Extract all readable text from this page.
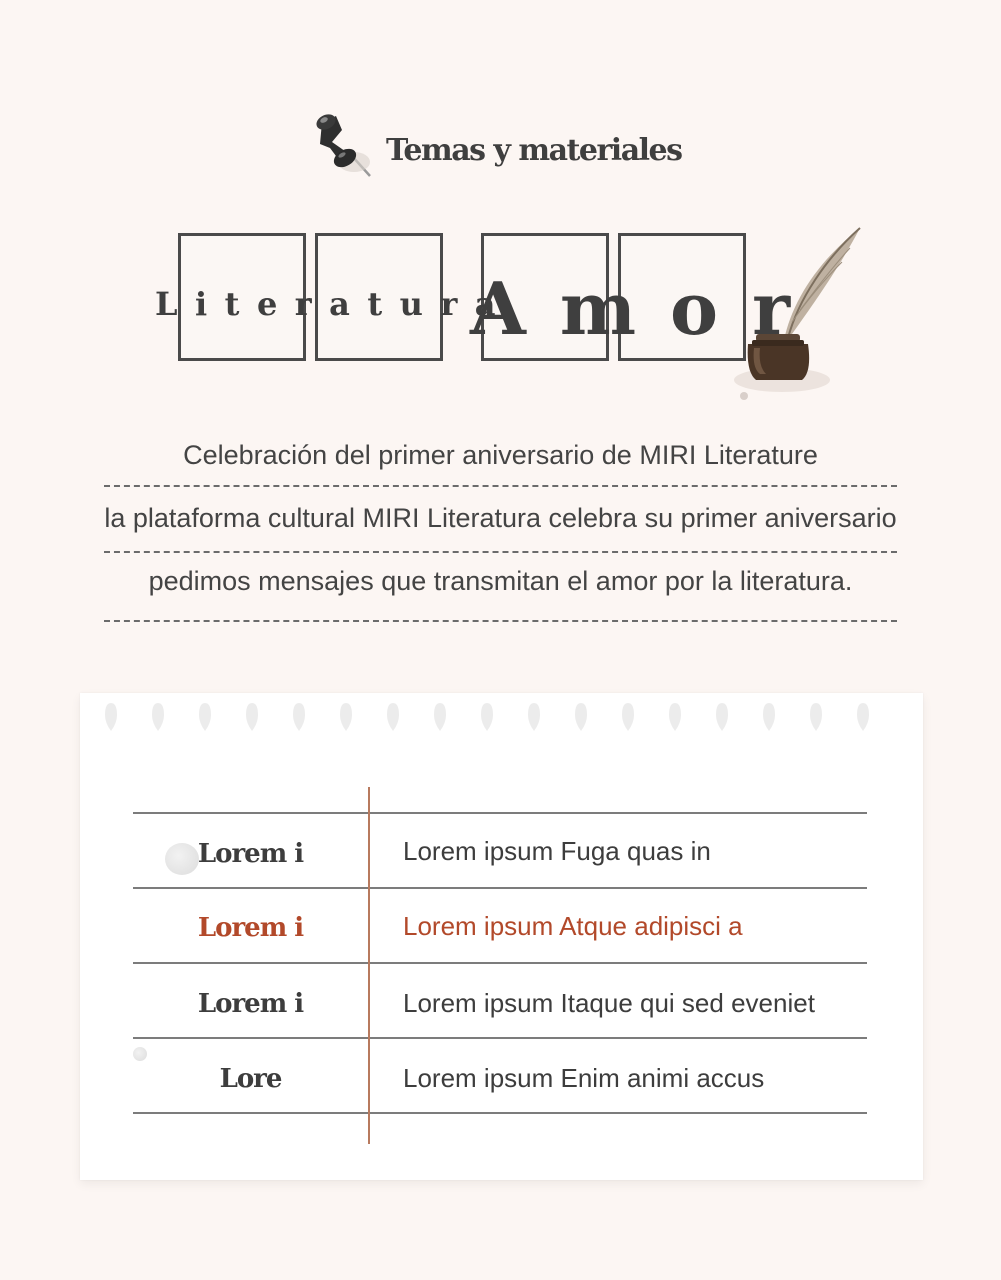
Temas y materiales
Literatura
Amor
Celebración del primer aniversario de MIRI Literature
la plataforma cultural MIRI Literatura celebra su primer aniversario
pedimos mensajes que transmitan el amor por la literatura.
Lorem i	Lorem ipsum Fuga quas in
Lorem i	Lorem ipsum Atque adipisci a
Lorem i	Lorem ipsum Itaque qui sed eveniet
Lore	Lorem ipsum Enim animi accus
